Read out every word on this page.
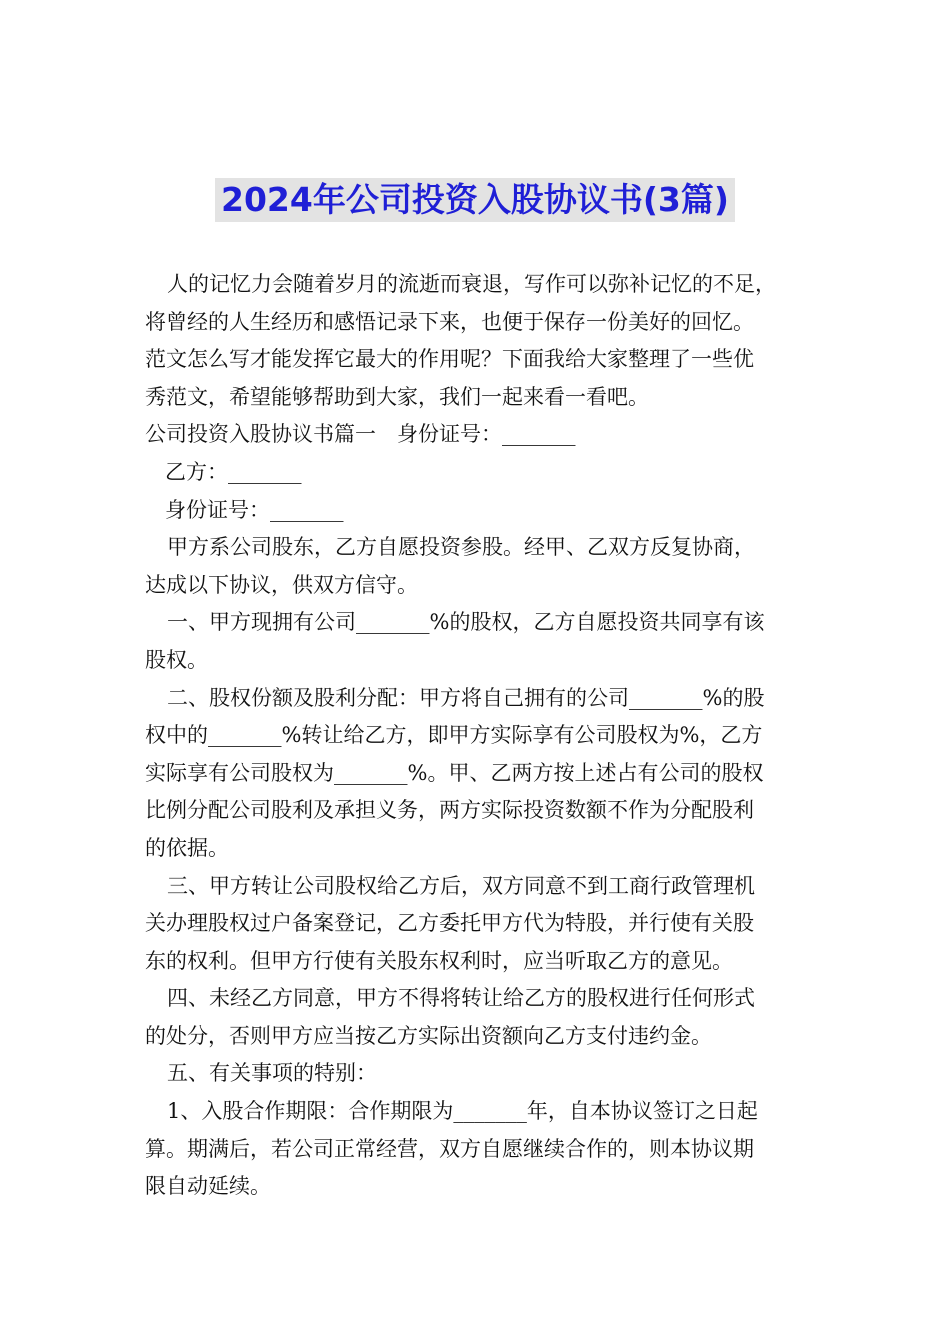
2024年公司投资入股协议书(3篇)
人的记忆力会随着岁月的流逝而衰退，写作可以弥补记忆的不足，
将曾经的人生经历和感悟记录下来，也便于保存一份美好的回忆。
范文怎么写才能发挥它最大的作用呢？下面我给大家整理了一些优
秀范文，希望能够帮助到大家，我们一起来看一看吧。
公司投资入股协议书篇一　身份证号：_______
乙方：_______
身份证号：_______
甲方系公司股东，乙方自愿投资参股。经甲、乙双方反复协商，
达成以下协议，供双方信守。
一、甲方现拥有公司_______%的股权，乙方自愿投资共同享有该
股权。
二、股权份额及股利分配：甲方将自己拥有的公司_______%的股
权中的_______%转让给乙方，即甲方实际享有公司股权为%，乙方
实际享有公司股权为_______%。甲、乙两方按上述占有公司的股权
比例分配公司股利及承担义务，两方实际投资数额不作为分配股利
的依据。
三、甲方转让公司股权给乙方后，双方同意不到工商行政管理机
关办理股权过户备案登记，乙方委托甲方代为特股，并行使有关股
东的权利。但甲方行使有关股东权利时，应当听取乙方的意见。
四、未经乙方同意，甲方不得将转让给乙方的股权进行任何形式
的处分，否则甲方应当按乙方实际出资额向乙方支付违约金。
五、有关事项的特别：
1、入股合作期限：合作期限为_______年，自本协议签订之日起
算。期满后，若公司正常经营，双方自愿继续合作的，则本协议期
限自动延续。
